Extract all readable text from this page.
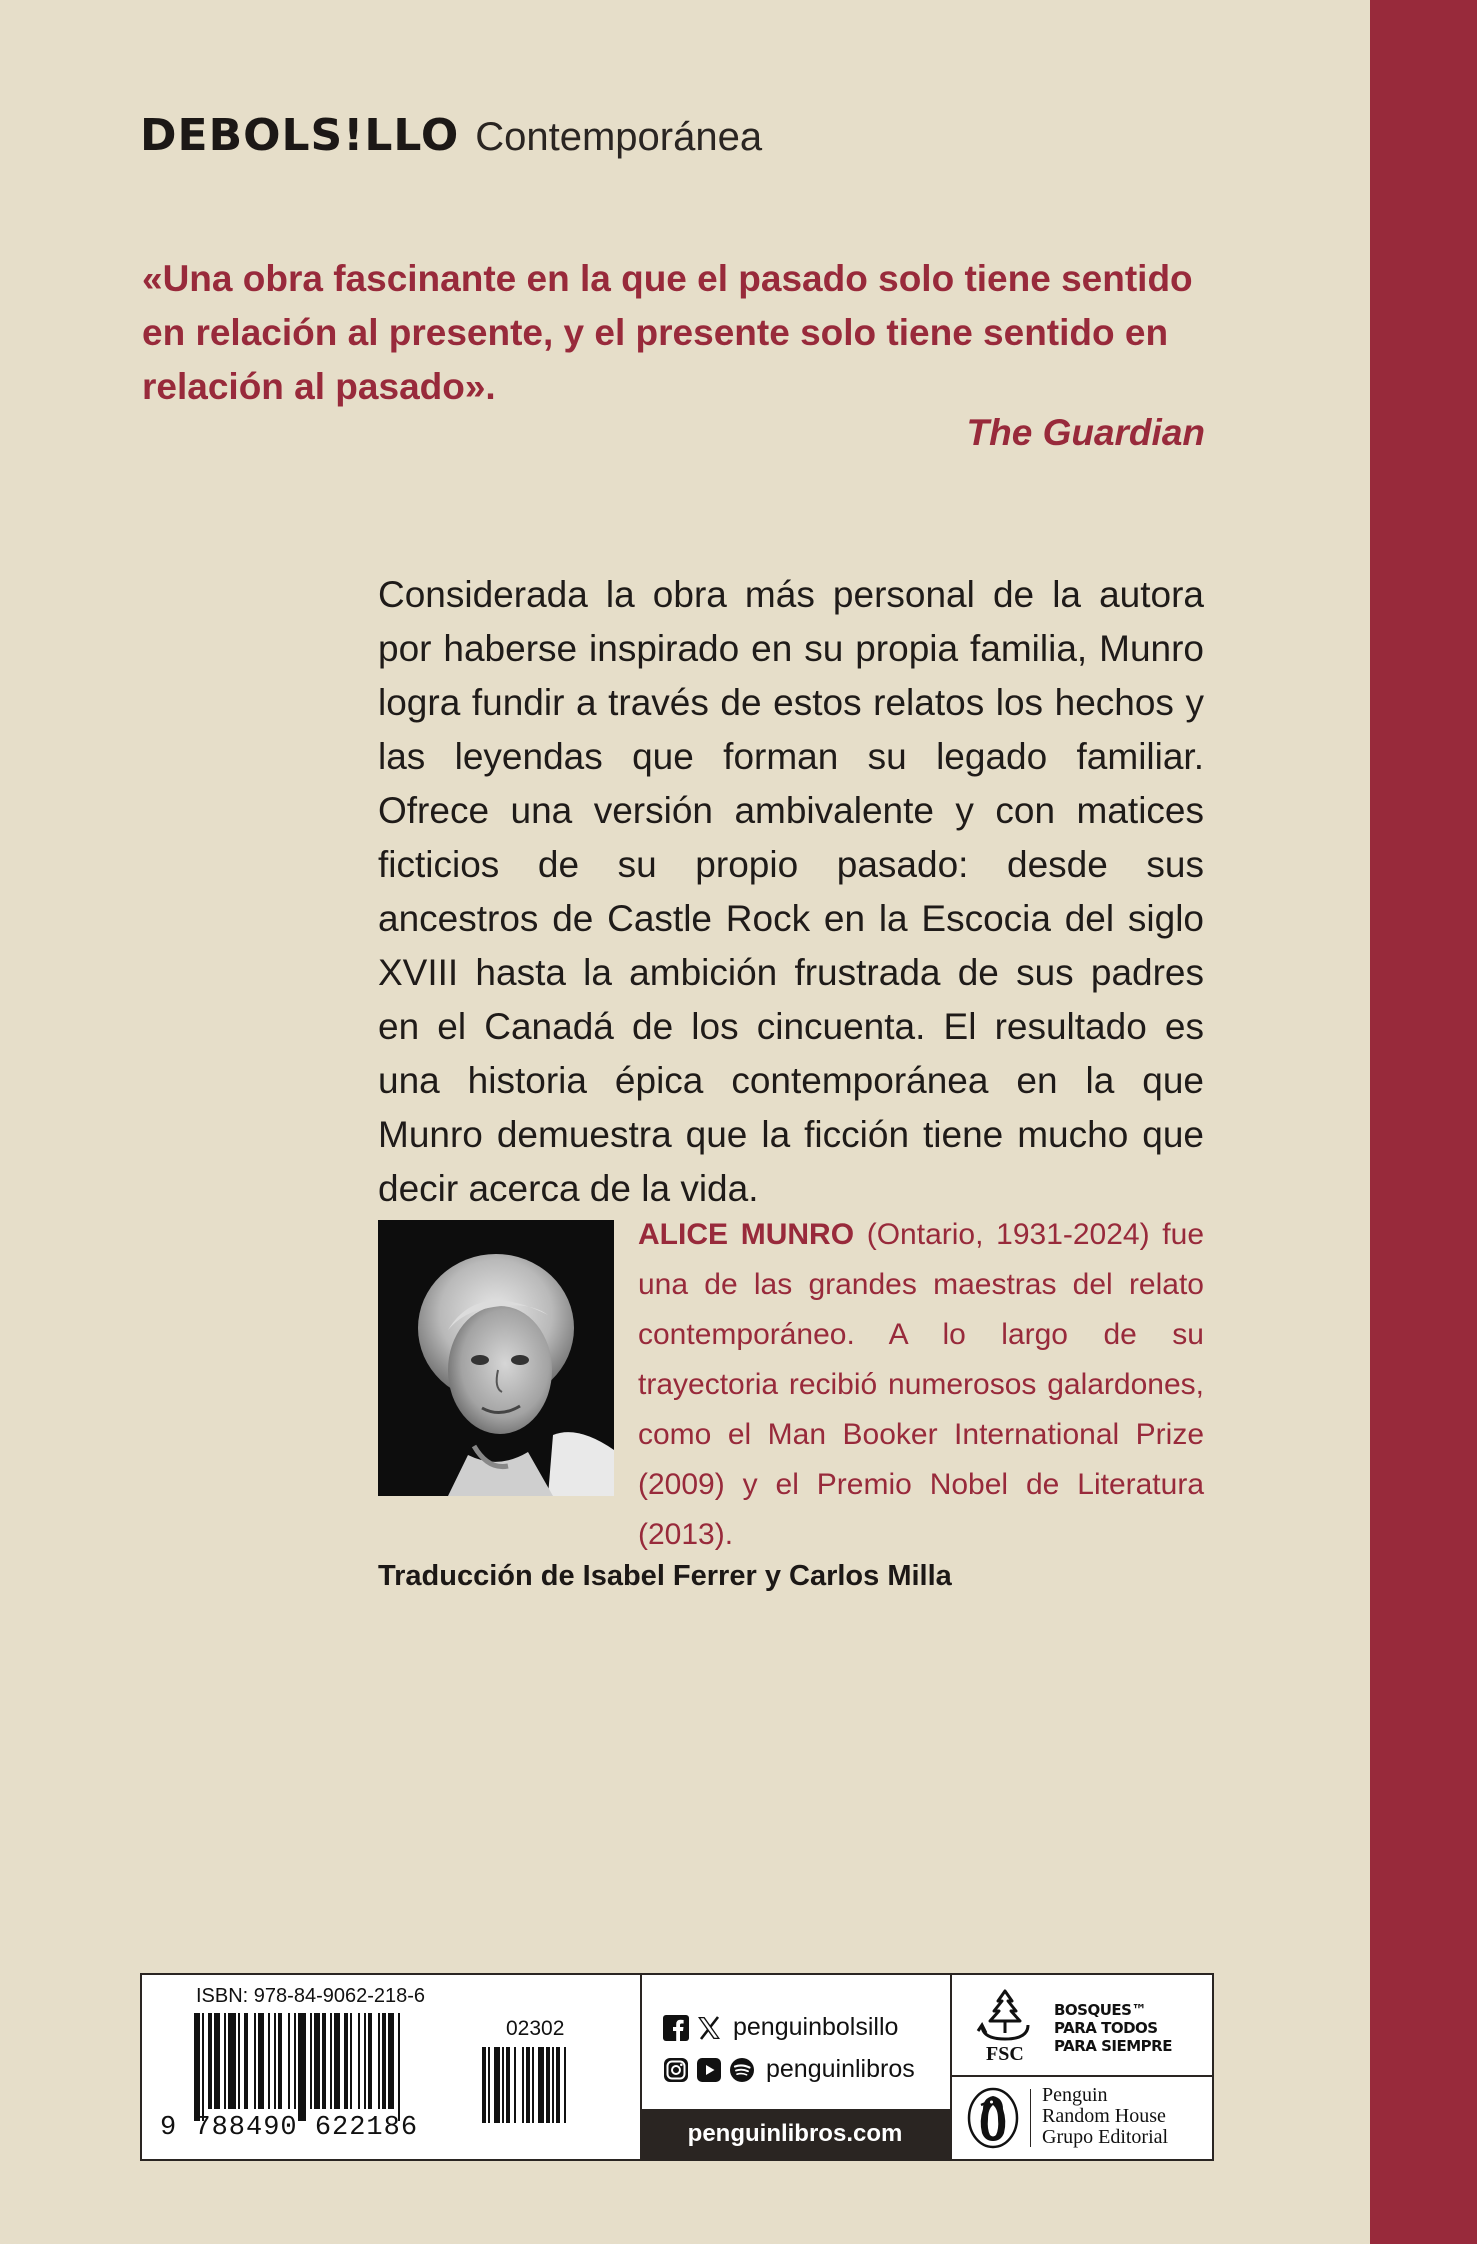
DEBOLS!LLO Contemporánea
«Una obra fascinante en la que el pasado solo tiene sentido en relación al presente, y el presente solo tiene sentido en relación al pasado».
The Guardian
Considerada la obra más personal de la autora por haberse inspirado en su propia familia, Munro logra fundir a través de estos relatos los hechos y las leyendas que forman su legado familiar. Ofrece una versión ambivalente y con matices ficticios de su propio pasado: desde sus ancestros de Castle Rock en la Escocia del siglo XVIII hasta la ambición frustrada de sus padres en el Canadá de los cincuenta. El resultado es una historia épica contemporánea en la que Munro demuestra que la ficción tiene mucho que decir acerca de la vida.
ALICE MUNRO (Ontario, 1931-2024) fue una de las grandes maestras del relato contemporáneo. A lo largo de su trayectoria recibió numerosos galardones, como el Man Booker International Prize (2009) y el Premio Nobel de Literatura (2013).
Traducción de Isabel Ferrer y Carlos Milla
ISBN: 978-84-9062-218-6
02302
9 788490 622186
penguinbolsillo
penguinlibros
penguinlibros.com
FSC
BOSQUES™
PARA TODOS
PARA SIEMPRE
Penguin
Random House
Grupo Editorial
